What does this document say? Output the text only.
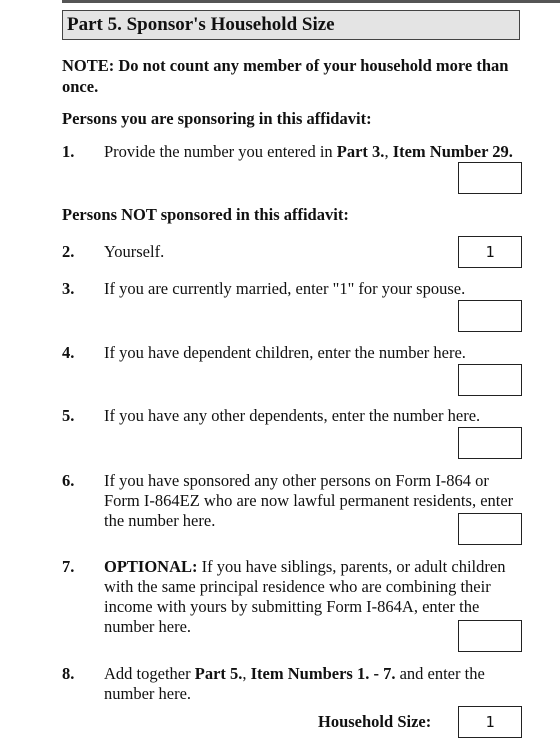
Part 5. Sponsor's Household Size
NOTE: Do not count any member of your household more than once.
Persons you are sponsoring in this affidavit:
1. Provide the number you entered in Part 3., Item Number 29.
Persons NOT sponsored in this affidavit:
2. Yourself.	1
3. If you are currently married, enter "1" for your spouse.
4. If you have dependent children, enter the number here.
5. If you have any other dependents, enter the number here.
6. If you have sponsored any other persons on Form I-864 or Form I-864EZ who are now lawful permanent residents, enter the number here.
7. OPTIONAL: If you have siblings, parents, or adult children with the same principal residence who are combining their income with yours by submitting Form I-864A, enter the number here.
8. Add together Part 5., Item Numbers 1. - 7. and enter the number here.
Household Size:	1
